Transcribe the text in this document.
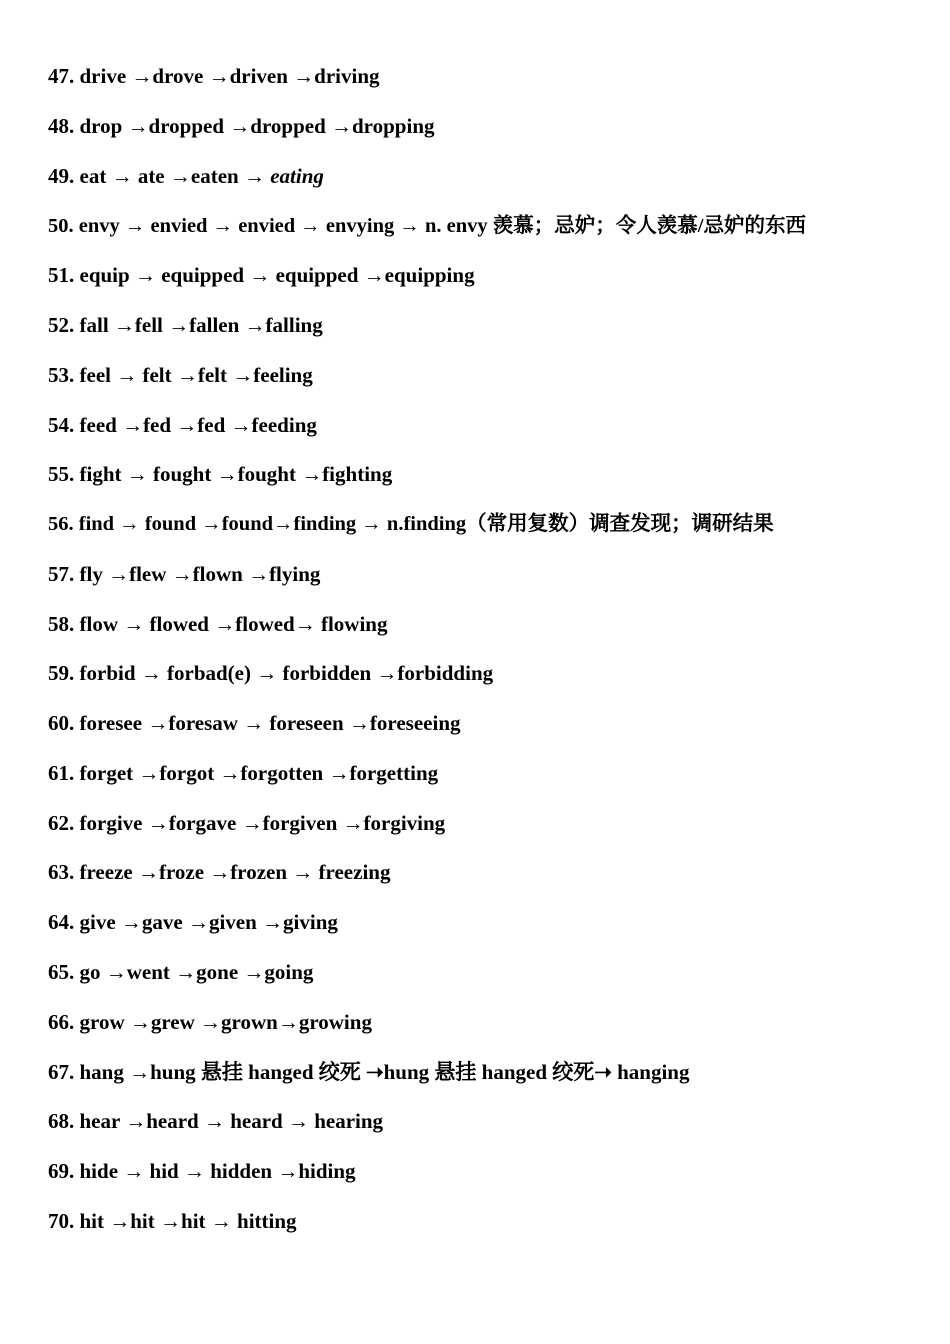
47. drive →drove →driven →driving
48. drop →dropped →dropped →dropping
49. eat → ate →eaten → eating
50. envy → envied → envied → envying → n. envy 羡慕；忌妒；令人羡慕/忌妒的东西
51. equip → equipped → equipped →equipping
52. fall →fell →fallen →falling
53. feel → felt →felt →feeling
54. feed →fed →fed →feeding
55. fight → fought →fought →fighting
56. find → found →found→finding → n.finding（常用复数）调查发现；调研结果
57. fly →flew →flown →flying
58. flow → flowed →flowed→ flowing
59. forbid → forbad(e) → forbidden →forbidding
60. foresee →foresaw → foreseen →foreseeing
61. forget →forgot →forgotten →forgetting
62. forgive →forgave →forgiven →forgiving
63. freeze →froze →frozen → freezing
64. give →gave →given →giving
65. go →went →gone →going
66. grow →grew →grown→growing
67. hang →hung 悬挂 hanged 绞死 ➝hung 悬挂 hanged 绞死➝ hanging
68. hear →heard → heard → hearing
69. hide → hid → hidden →hiding
70. hit →hit →hit → hitting
